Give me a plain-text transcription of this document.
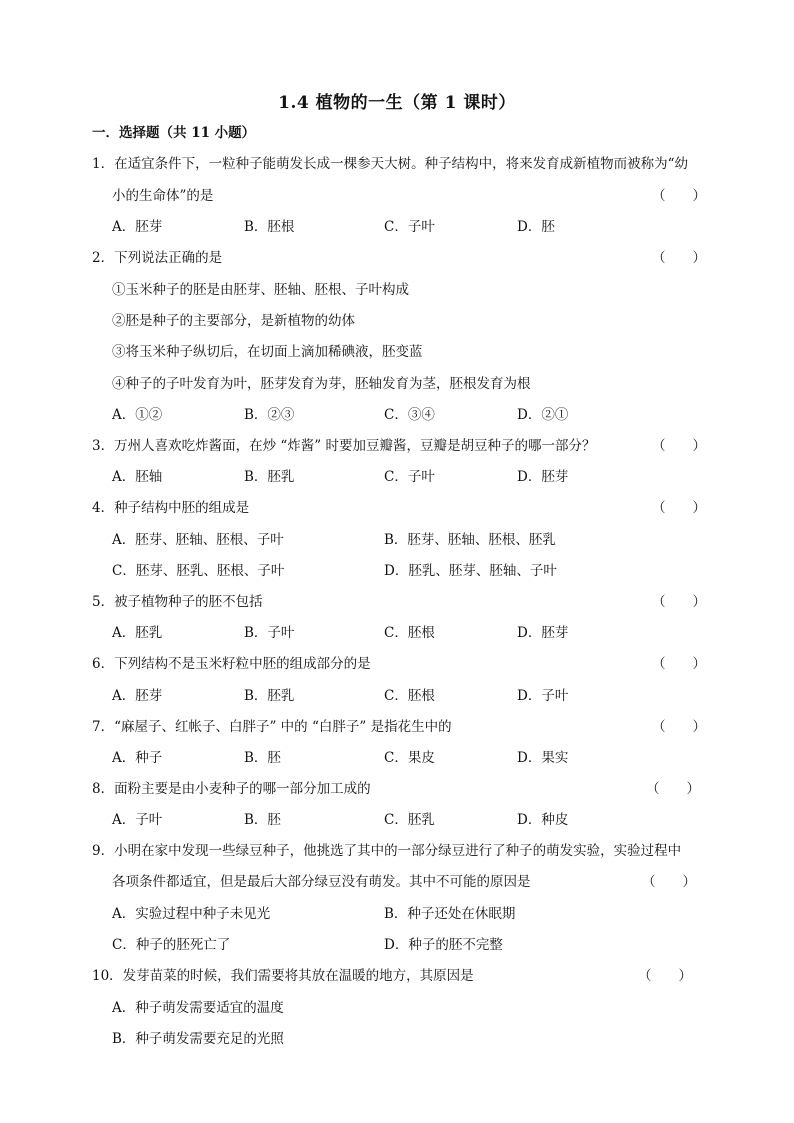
1.4 植物的一生（第 1 课时）
一．选择题（共 11 小题）
1．在适宜条件下，一粒种子能萌发长成一棵参天大树。种子结构中，将来发育成新植物而被称为“幼
小的生命体”的是	（　　）
A．胚芽	B．胚根	C．子叶	D．胚
2．下列说法正确的是	（　　）
①玉米种子的胚是由胚芽、胚轴、胚根、子叶构成
②胚是种子的主要部分，是新植物的幼体
③将玉米种子纵切后，在切面上滴加稀碘液，胚变蓝
④种子的子叶发育为叶，胚芽发育为芽，胚轴发育为茎，胚根发育为根
A．①②	B．②③	C．③④	D．②①
3．万州人喜欢吃炸酱面，在炒 “炸酱” 时要加豆瓣酱，豆瓣是胡豆种子的哪一部分？	（　　）
A．胚轴	B．胚乳	C．子叶	D．胚芽
4．种子结构中胚的组成是	（　　）
A．胚芽、胚轴、胚根、子叶	B．胚芽、胚轴、胚根、胚乳
C．胚芽、胚乳、胚根、子叶	D．胚乳、胚芽、胚轴、子叶
5．被子植物种子的胚不包括	（　　）
A．胚乳	B．子叶	C．胚根	D．胚芽
6．下列结构不是玉米籽粒中胚的组成部分的是	（　　）
A．胚芽	B．胚乳	C．胚根	D．子叶
7．“麻屋子、红帐子、白胖子” 中的 “白胖子” 是指花生中的	（　　）
A．种子	B．胚	C．果皮	D．果实
8．面粉主要是由小麦种子的哪一部分加工成的	（　　）
A．子叶	B．胚	C．胚乳	D．种皮
9．小明在家中发现一些绿豆种子，他挑选了其中的一部分绿豆进行了种子的萌发实验，实验过程中
各项条件都适宜，但是最后大部分绿豆没有萌发。其中不可能的原因是	（　　）
A．实验过程中种子未见光	B．种子还处在休眠期
C．种子的胚死亡了	D．种子的胚不完整
10．发芽苗菜的时候，我们需要将其放在温暖的地方，其原因是	（　　）
A．种子萌发需要适宜的温度
B．种子萌发需要充足的光照
